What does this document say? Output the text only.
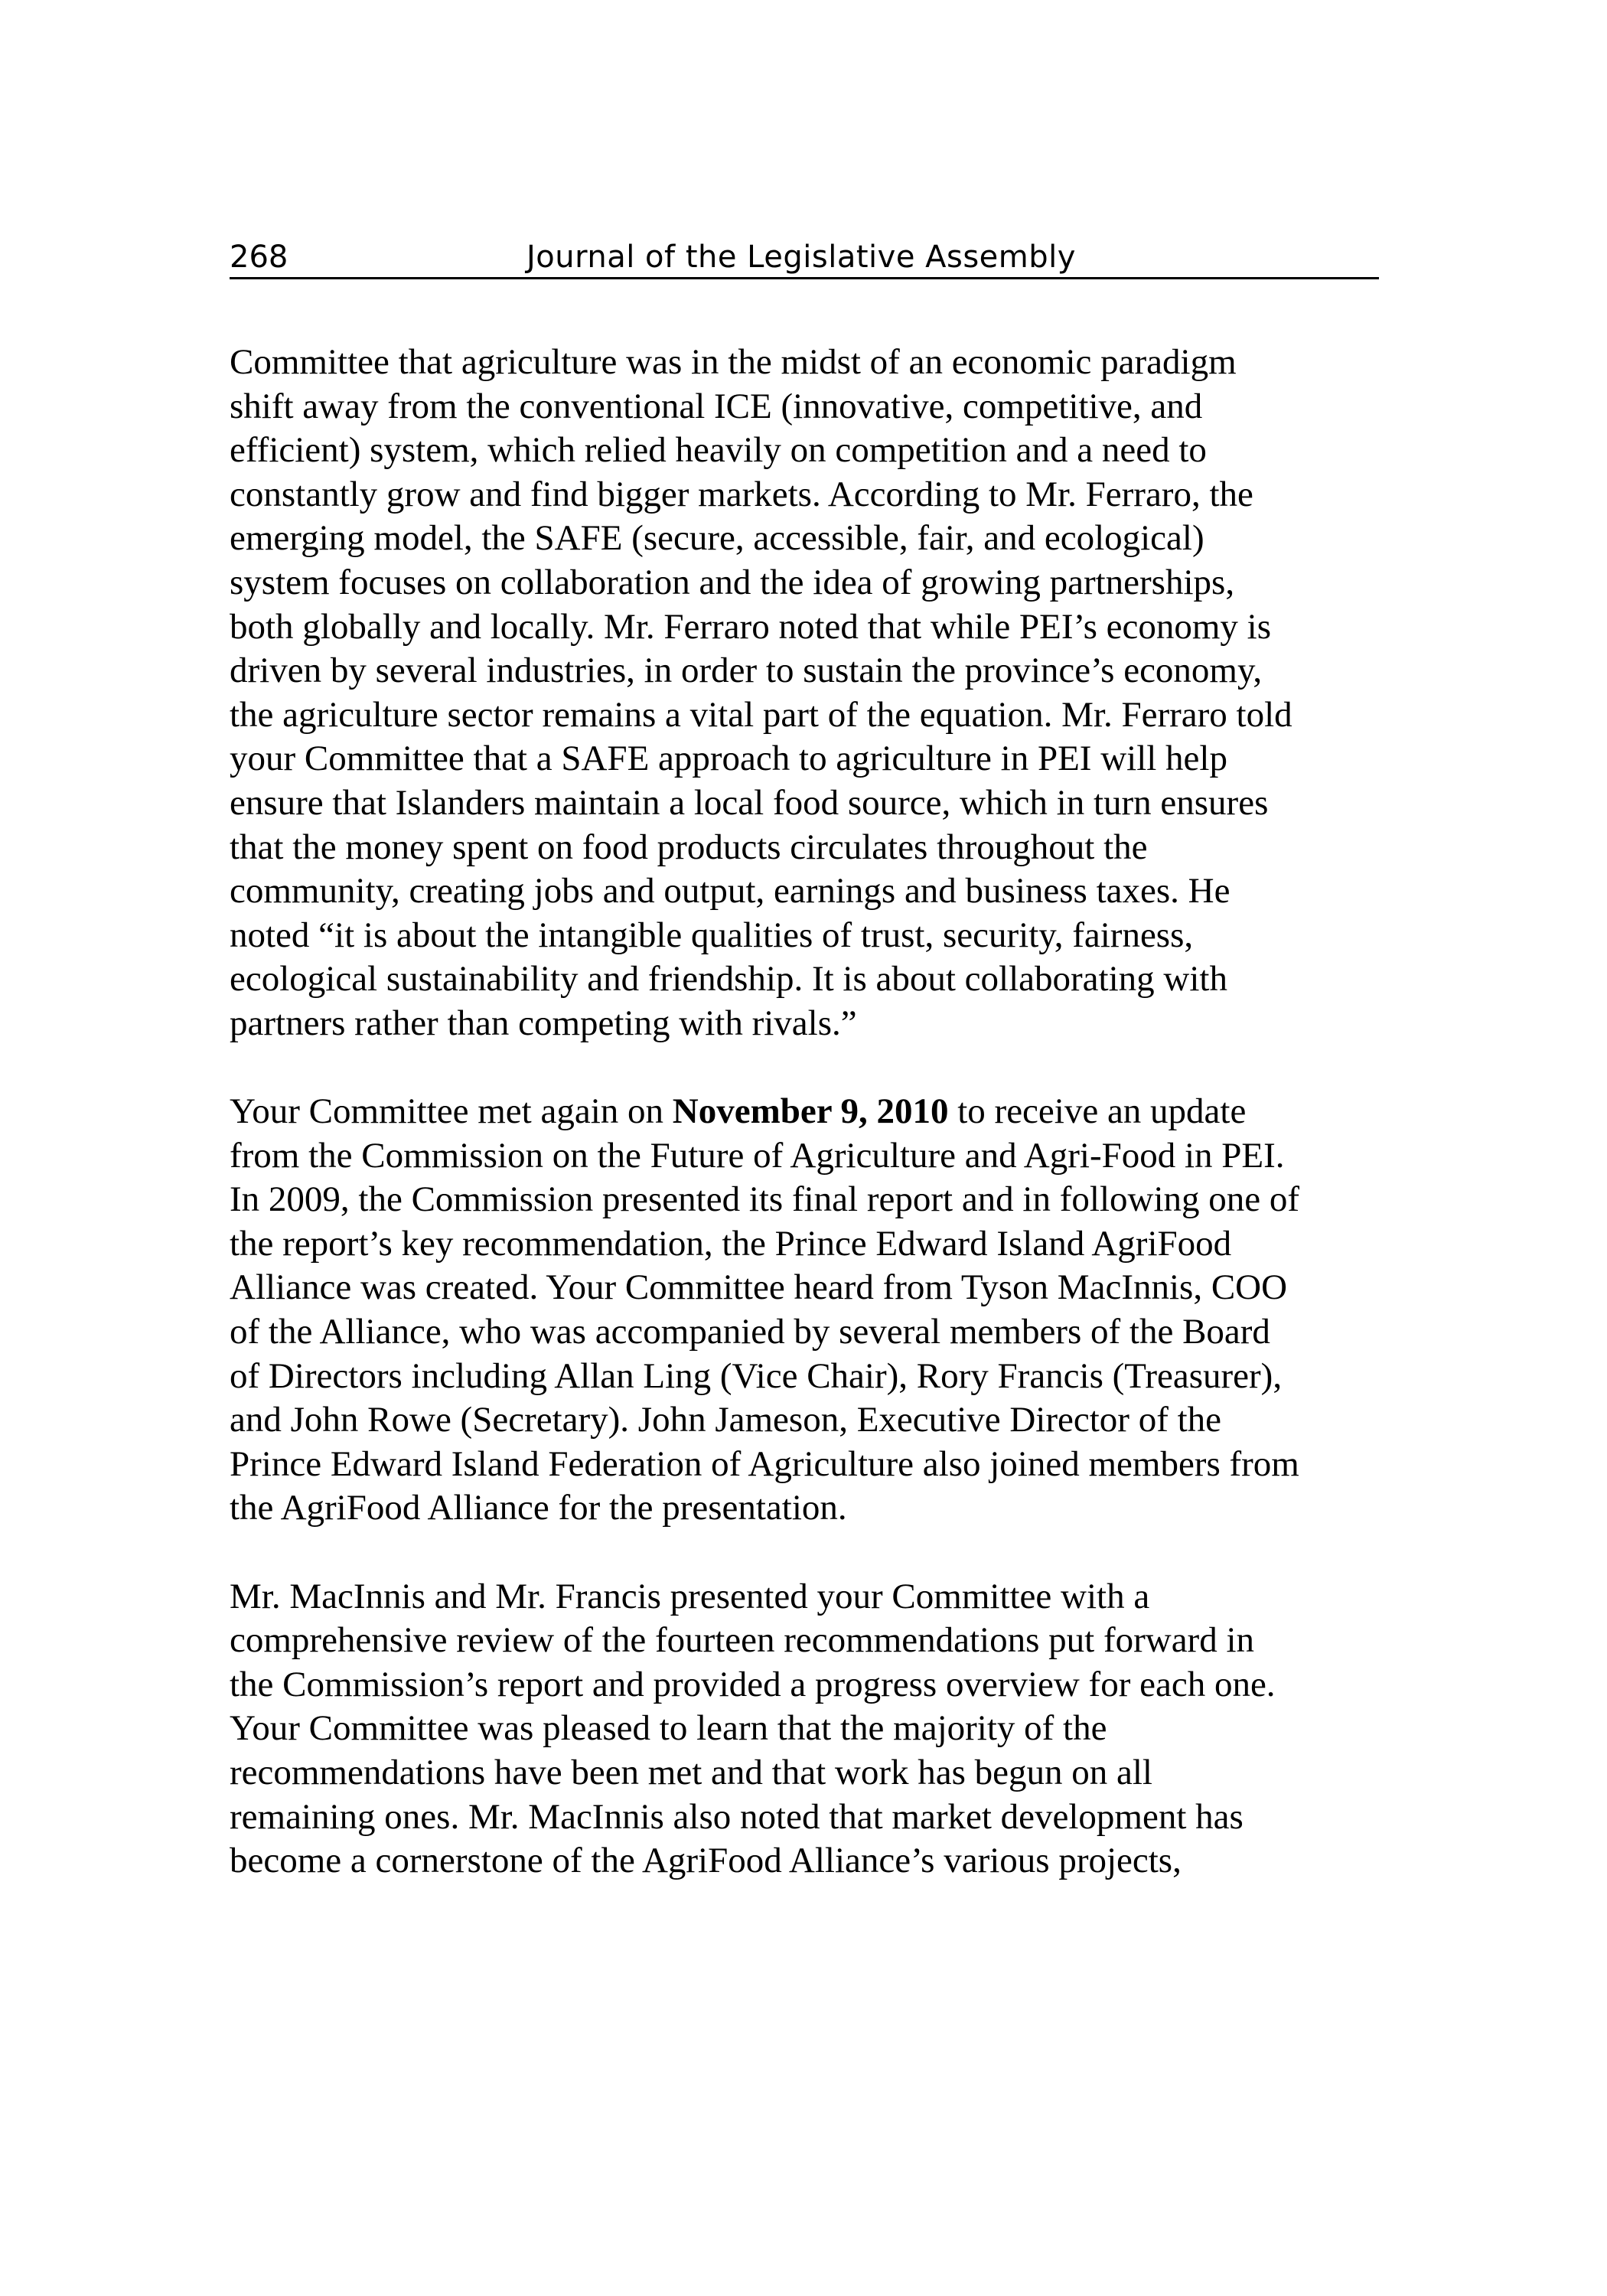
268	Journal of the Legislative Assembly

Committee that agriculture was in the midst of an economic paradigm
shift away from the conventional ICE (innovative, competitive, and
efficient) system, which relied heavily on competition and a need to
constantly grow and find bigger markets. According to Mr. Ferraro, the
emerging model, the SAFE (secure, accessible, fair, and ecological)
system focuses on collaboration and the idea of growing partnerships,
both globally and locally. Mr. Ferraro noted that while PEI’s economy is
driven by several industries, in order to sustain the province’s economy,
the agriculture sector remains a vital part of the equation. Mr. Ferraro told
your Committee that a SAFE approach to agriculture in PEI will help
ensure that Islanders maintain a local food source, which in turn ensures
that the money spent on food products circulates throughout the
community, creating jobs and output, earnings and business taxes. He
noted “it is about the intangible qualities of trust, security, fairness,
ecological sustainability and friendship. It is about collaborating with
partners rather than competing with rivals.”

Your Committee met again on November 9, 2010 to receive an update
from the Commission on the Future of Agriculture and Agri-Food in PEI.
In 2009, the Commission presented its final report and in following one of
the report’s key recommendation, the Prince Edward Island AgriFood
Alliance was created. Your Committee heard from Tyson MacInnis, COO
of the Alliance, who was accompanied by several members of the Board
of Directors including Allan Ling (Vice Chair), Rory Francis (Treasurer),
and John Rowe (Secretary). John Jameson, Executive Director of the
Prince Edward Island Federation of Agriculture also joined members from
the AgriFood Alliance for the presentation.

Mr. MacInnis and Mr. Francis presented your Committee with a
comprehensive review of the fourteen recommendations put forward in
the Commission’s report and provided a progress overview for each one.
Your Committee was pleased to learn that the majority of the
recommendations have been met and that work has begun on all
remaining ones. Mr. MacInnis also noted that market development has
become a cornerstone of the AgriFood Alliance’s various projects,
